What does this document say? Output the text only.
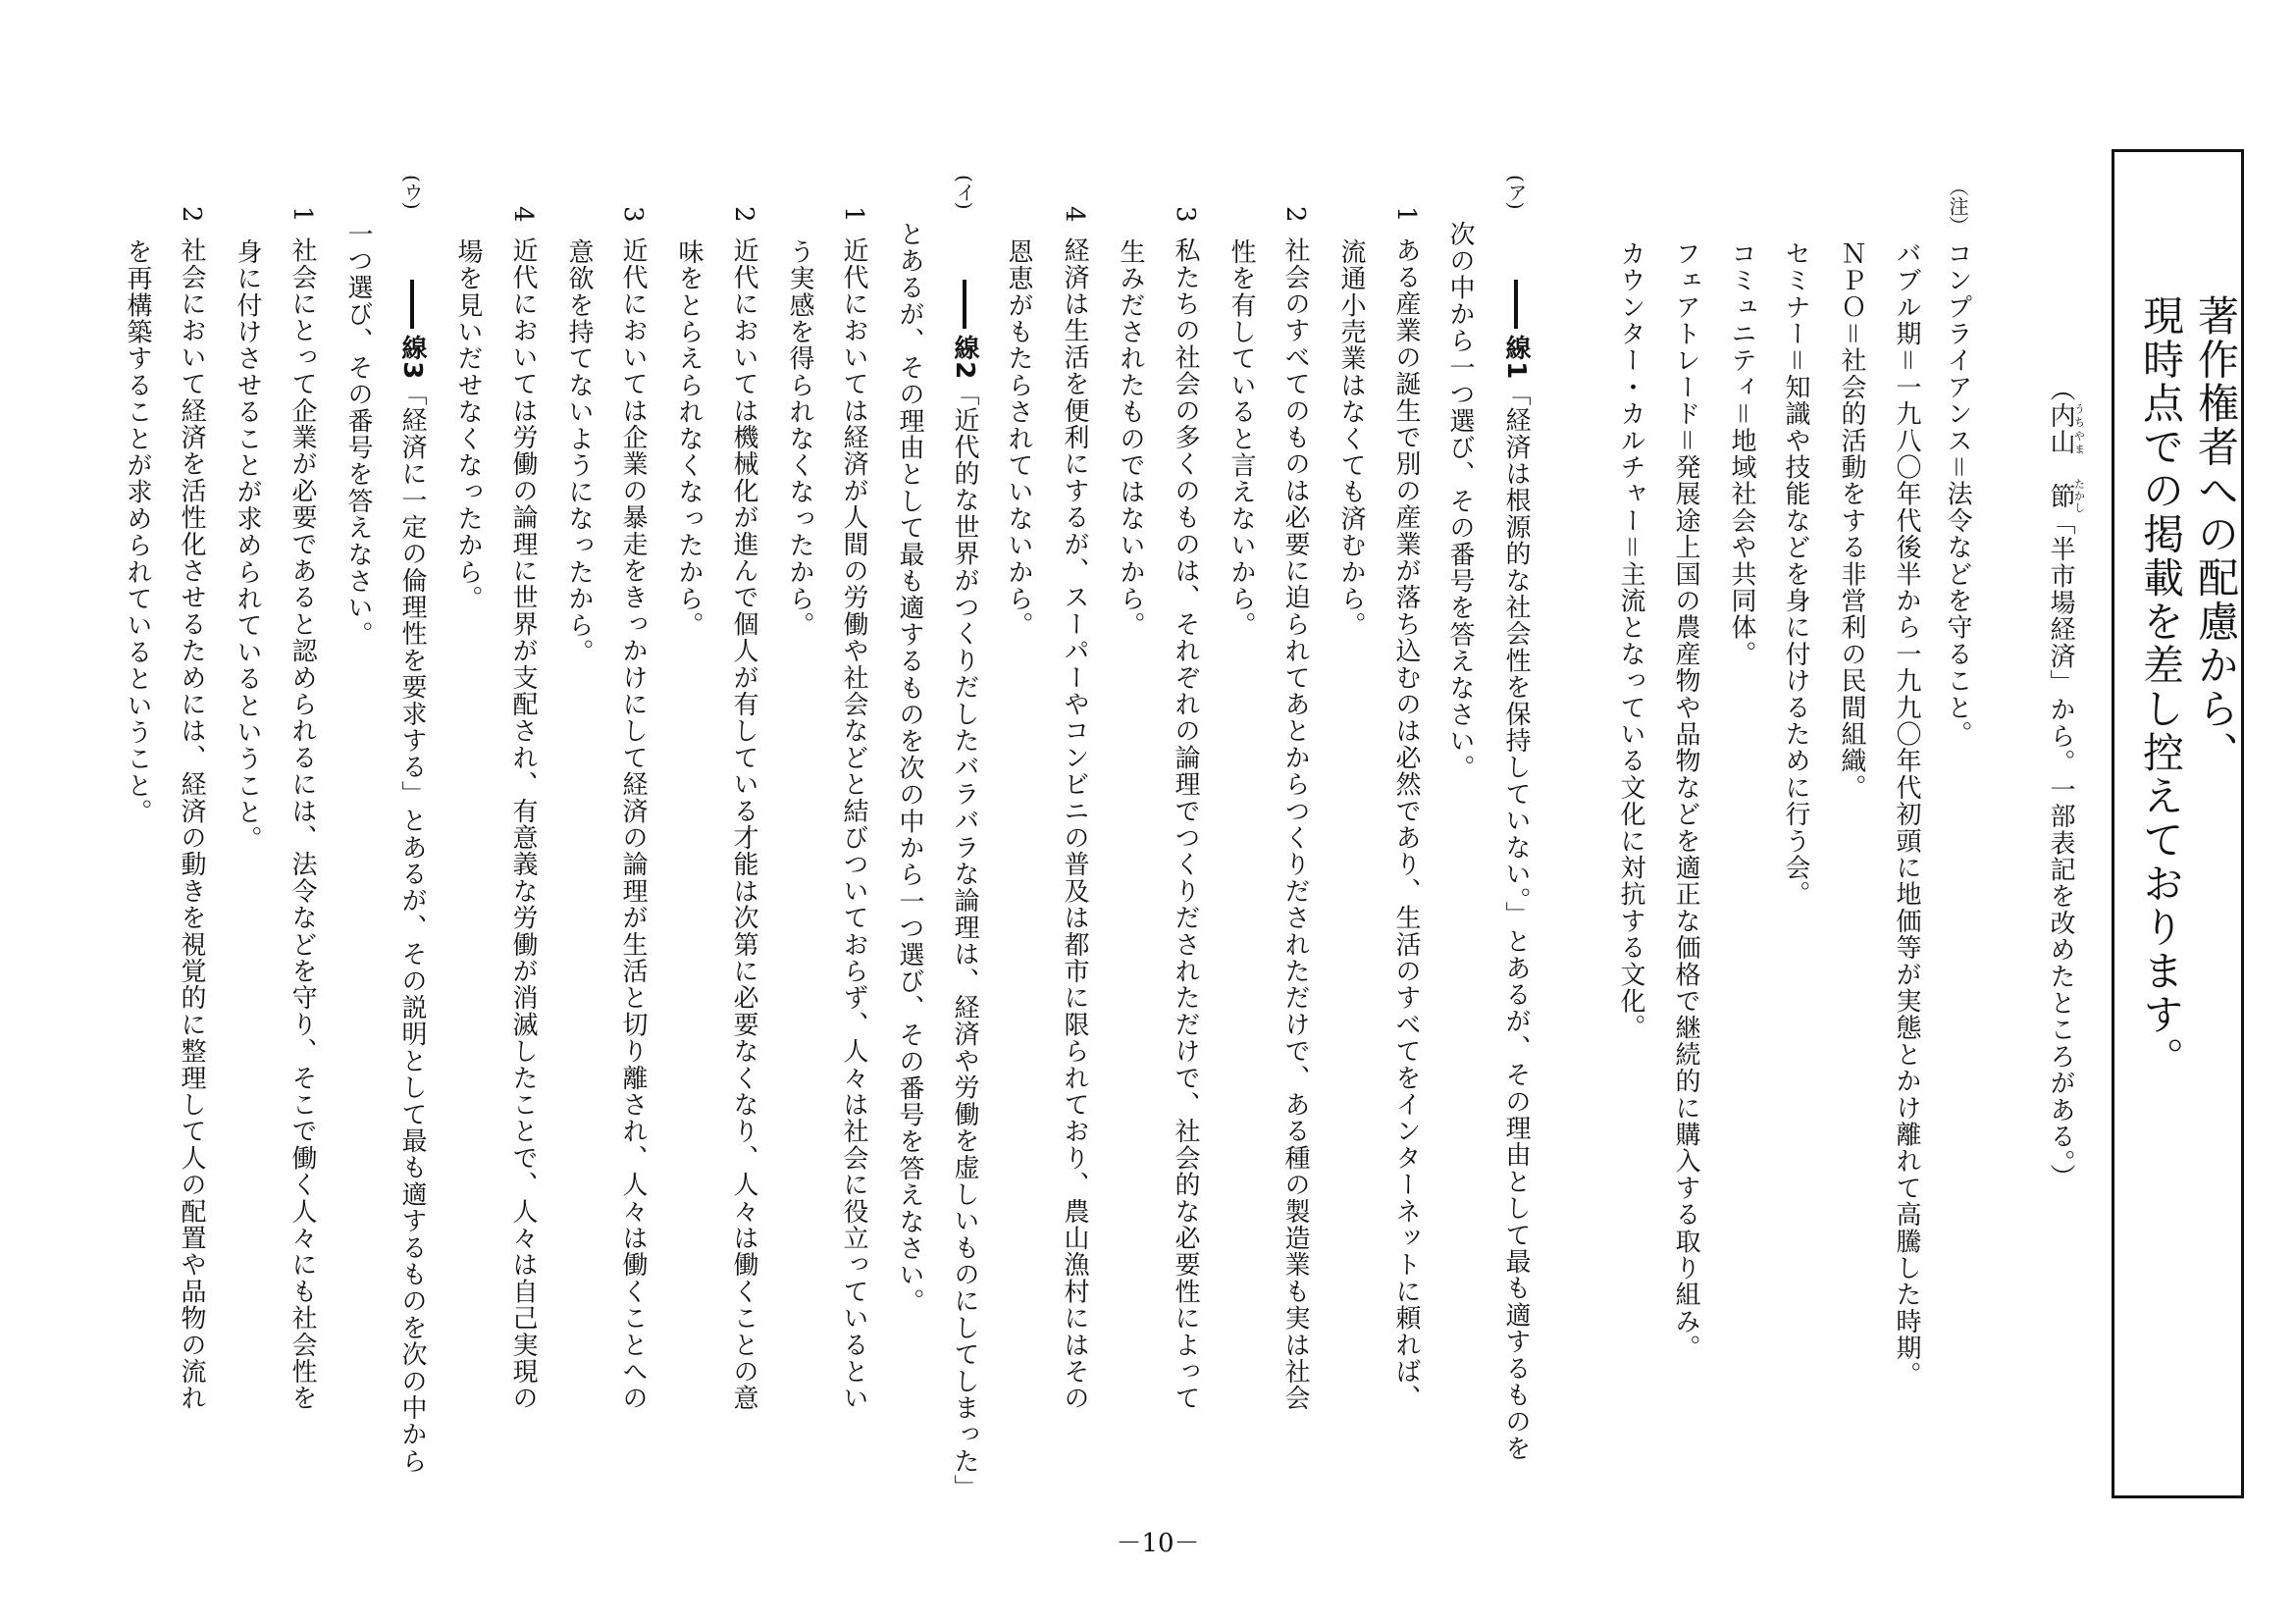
著作権者への配慮から、
現時点での掲載を差し控えております。
（内山うちやま　節たかし「半市場経済」から。一部表記を改めたところがある。）
（注）
コンプライアンス＝法令などを守ること。
バブル期＝一九八〇年代後半から一九九〇年代初頭に地価等が実態とかけ離れて高騰した時期。
ＮＰＯ＝社会的活動をする非営利の民間組織。
セミナー＝知識や技能などを身に付けるために行う会。
コミュニティ＝地域社会や共同体。
フェアトレード＝発展途上国の農産物や品物などを適正な価格で継続的に購入する取り組み。
カウンター・カルチャー＝主流となっている文化に対抗する文化。
(ア)
線1「経済は根源的な社会性を保持していない。」とあるが、その理由として最も適するものを
次の中から一つ選び、その番号を答えなさい。
1ある産業の誕生で別の産業が落ち込むのは必然であり、生活のすべてをインターネットに頼れば、
流通小売業はなくても済むから。
2社会のすべてのものは必要に迫られてあとからつくりだされただけで、ある種の製造業も実は社会
性を有していると言えないから。
3私たちの社会の多くのものは、それぞれの論理でつくりだされただけで、社会的な必要性によって
生みだされたものではないから。
4経済は生活を便利にするが、スーパーやコンビニの普及は都市に限られており、農山漁村にはその
恩恵がもたらされていないから。
(イ)
線2「近代的な世界がつくりだしたバラバラな論理は、経済や労働を虚しいものにしてしまった」
とあるが、その理由として最も適するものを次の中から一つ選び、その番号を答えなさい。
1近代においては経済が人間の労働や社会などと結びついておらず、人々は社会に役立っているとい
う実感を得られなくなったから。
2近代においては機械化が進んで個人が有している才能は次第に必要なくなり、人々は働くことの意
味をとらえられなくなったから。
3近代においては企業の暴走をきっかけにして経済の論理が生活と切り離され、人々は働くことへの
意欲を持てないようになったから。
4近代においては労働の論理に世界が支配され、有意義な労働が消滅したことで、人々は自己実現の
場を見いだせなくなったから。
(ウ)
線3「経済に一定の倫理性を要求する」とあるが、その説明として最も適するものを次の中から
一つ選び、その番号を答えなさい。
1社会にとって企業が必要であると認められるには、法令などを守り、そこで働く人々にも社会性を
身に付けさせることが求められているということ。
2社会において経済を活性化させるためには、経済の動きを視覚的に整理して人の配置や品物の流れ
を再構築することが求められているということ。
－10－
